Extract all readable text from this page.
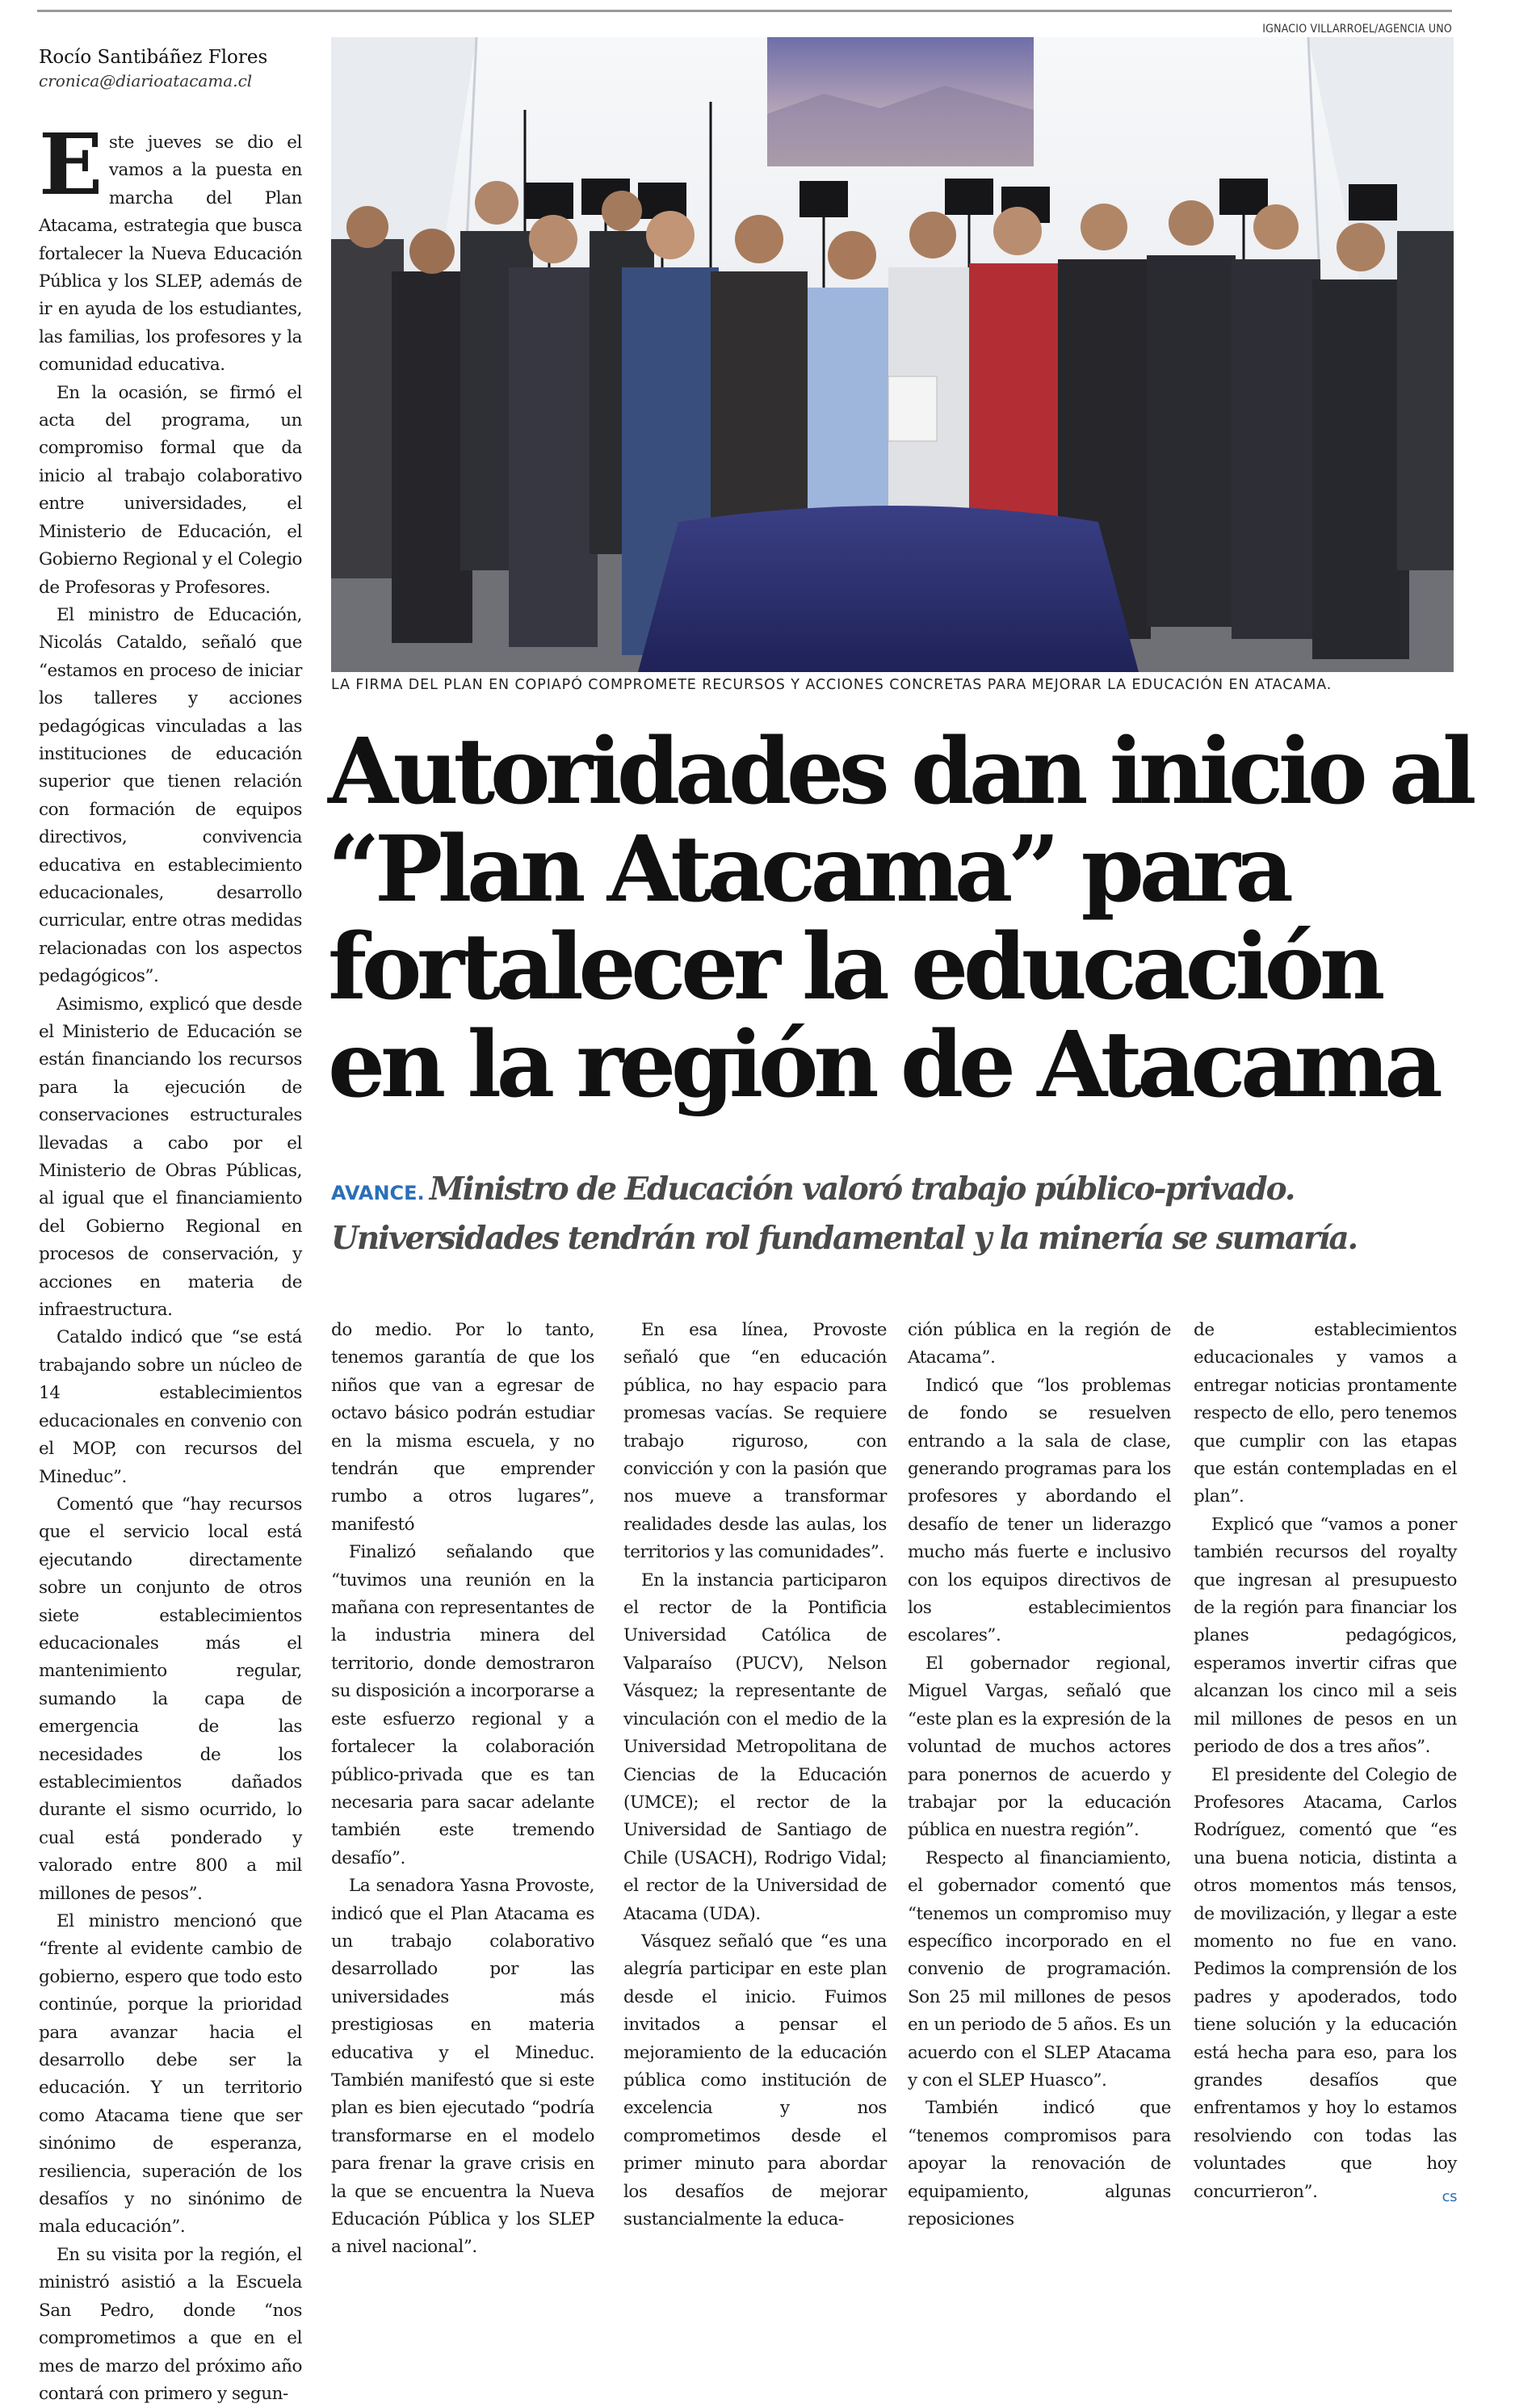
Rocío Santibáñez Flores
cronica@diarioatacama.cl

Este jueves se dio el vamos a la puesta en marcha del Plan Atacama, estrategia que busca fortalecer la Nueva Educación Pública y los SLEP, además de ir en ayuda de los estudiantes, las familias, los profesores y la comunidad educativa.

En la ocasión, se firmó el acta del programa, un compromiso formal que da inicio al trabajo colaborativo entre universidades, el Ministerio de Educación, el Gobierno Regional y el Colegio de Profesoras y Profesores.

El ministro de Educación, Nicolás Cataldo, señaló que “estamos en proceso de iniciar los talleres y acciones pedagógicas vinculadas a las instituciones de educación superior que tienen relación con formación de equipos directivos, convivencia educativa en establecimiento educacionales, desarrollo curricular, entre otras medidas relacionadas con los aspectos pedagógicos”.

Asimismo, explicó que desde el Ministerio de Educación se están financiando los recursos para la ejecución de conservaciones estructurales llevadas a cabo por el Ministerio de Obras Públicas, al igual que el financiamiento del Gobierno Regional en procesos de conservación, y acciones en materia de infraestructura.

Cataldo indicó que “se está trabajando sobre un núcleo de 14 establecimientos educacionales en convenio con el MOP, con recursos del Mineduc”.

Comentó que “hay recursos que el servicio local está ejecutando directamente sobre un conjunto de otros siete establecimientos educacionales más el mantenimiento regular, sumando la capa de emergencia de las necesidades de los establecimientos dañados durante el sismo ocurrido, lo cual está ponderado y valorado entre 800 a mil millones de pesos”.

El ministro mencionó que “frente al evidente cambio de gobierno, espero que todo esto continúe, porque la prioridad para avanzar hacia el desarrollo debe ser la educación. Y un territorio como Atacama tiene que ser sinónimo de esperanza, resiliencia, superación de los desafíos y no sinónimo de mala educación”.

En su visita por la región, el ministró asistió a la Escuela San Pedro, donde “nos comprometimos a que en el mes de marzo del próximo año contará con primero y segun-

IGNACIO VILLARROEL/AGENCIA UNO
LA FIRMA DEL PLAN EN COPIAPÓ COMPROMETE RECURSOS Y ACCIONES CONCRETAS PARA MEJORAR LA EDUCACIÓN EN ATACAMA.
Autoridades dan inicio al
“Plan Atacama” para
fortalecer la educación
en la región de Atacama
AVANCE. Ministro de Educación valoró trabajo público-privado.
Universidades tendrán rol fundamental y la minería se sumaría.

do medio. Por lo tanto, tenemos garantía de que los niños que van a egresar de octavo básico podrán estudiar en la misma escuela, y no tendrán que emprender rumbo a otros lugares”, manifestó

Finalizó señalando que “tuvimos una reunión en la mañana con representantes de la industria minera del territorio, donde demostraron su disposición a incorporarse a este esfuerzo regional y a fortalecer la colaboración público-privada que es tan necesaria para sacar adelante también este tremendo desafío”.

La senadora Yasna Provoste, indicó que el Plan Atacama es un trabajo colaborativo desarrollado por las universidades más prestigiosas en materia educativa y el Mineduc. También manifestó que si este plan es bien ejecutado “podría transformarse en el modelo para frenar la grave crisis en la que se encuentra la Nueva Educación Pública y los SLEP a nivel nacional”.

En esa línea, Provoste señaló que “en educación pública, no hay espacio para promesas vacías. Se requiere trabajo riguroso, con convicción y con la pasión que nos mueve a transformar realidades desde las aulas, los territorios y las comunidades”.

En la instancia participaron el rector de la Pontificia Universidad Católica de Valparaíso (PUCV), Nelson Vásquez; la representante de vinculación con el medio de la Universidad Metropolitana de Ciencias de la Educación (UMCE); el rector de la Universidad de Santiago de Chile (USACH), Rodrigo Vidal; el rector de la Universidad de Atacama (UDA).

Vásquez señaló que “es una alegría participar en este plan desde el inicio. Fuimos invitados a pensar el mejoramiento de la educación pública como institución de excelencia y nos comprometimos desde el primer minuto para abordar los desafíos de mejorar sustancialmente la educa-

ción pública en la región de Atacama”.

Indicó que “los problemas de fondo se resuelven entrando a la sala de clase, generando programas para los profesores y abordando el desafío de tener un liderazgo mucho más fuerte e inclusivo con los equipos directivos de los establecimientos escolares”.

El gobernador regional, Miguel Vargas, señaló que “este plan es la expresión de la voluntad de muchos actores para ponernos de acuerdo y trabajar por la educación pública en nuestra región”.

Respecto al financiamiento, el gobernador comentó que “tenemos un compromiso muy específico incorporado en el convenio de programación. Son 25 mil millones de pesos en un periodo de 5 años. Es un acuerdo con el SLEP Atacama y con el SLEP Huasco”.

También indicó que “tenemos compromisos para apoyar la renovación de equipamiento, algunas reposiciones

de establecimientos educacionales y vamos a entregar noticias prontamente respecto de ello, pero tenemos que cumplir con las etapas que están contempladas en el plan”.

Explicó que “vamos a poner también recursos del royalty que ingresan al presupuesto de la región para financiar los planes pedagógicos, esperamos invertir cifras que alcanzan los cinco mil a seis mil millones de pesos en un periodo de dos a tres años”.

El presidente del Colegio de Profesores Atacama, Carlos Rodríguez, comentó que “es una buena noticia, distinta a otros momentos más tensos, de movilización, y llegar a este momento no fue en vano. Pedimos la comprensión de los padres y apoderados, todo tiene solución y la educación está hecha para eso, para los grandes desafíos que enfrentamos y hoy lo estamos resolviendo con todas las voluntades que hoy concurrieron”.	cs
